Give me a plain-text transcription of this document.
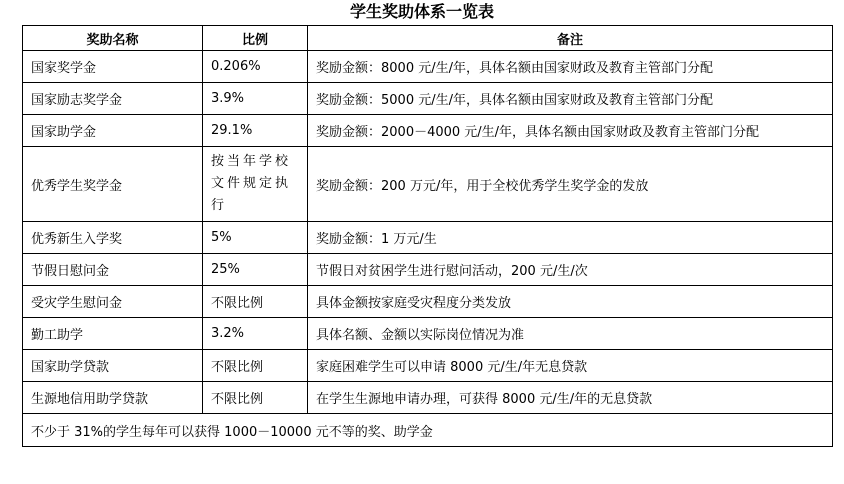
学生奖助体系一览表
奖助名称	比例	备注
国家奖学金	0.206%	奖励金额：8000 元/生/年，具体名额由国家财政及教育主管部门分配
国家励志奖学金	3.9%	奖励金额：5000 元/生/年，具体名额由国家财政及教育主管部门分配
国家助学金	29.1%	奖励金额：2000－4000 元/生/年，具体名额由国家财政及教育主管部门分配
优秀学生奖学金	按当年学校文件规定执行	奖励金额：200 万元/年，用于全校优秀学生奖学金的发放
优秀新生入学奖	5%	奖励金额：1 万元/生
节假日慰问金	25%	节假日对贫困学生进行慰问活动，200 元/生/次
受灾学生慰问金	不限比例	具体金额按家庭受灾程度分类发放
勤工助学	3.2%	具体名额、金额以实际岗位情况为准
国家助学贷款	不限比例	家庭困难学生可以申请 8000 元/生/年无息贷款
生源地信用助学贷款	不限比例	在学生生源地申请办理，可获得 8000 元/生/年的无息贷款
不少于 31%的学生每年可以获得 1000－10000 元不等的奖、助学金		
